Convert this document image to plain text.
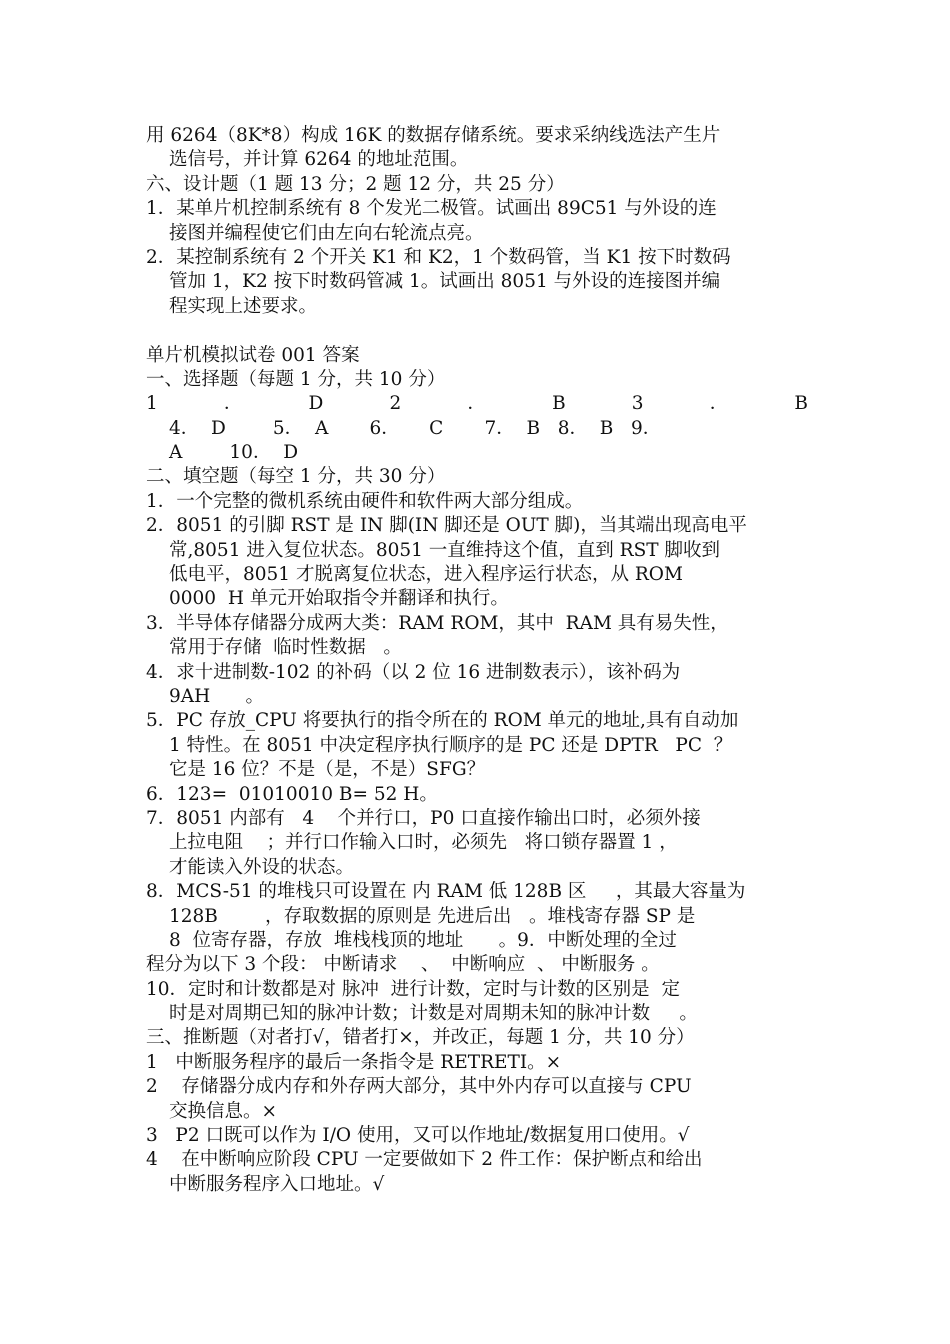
用 6264（8K*8）构成 16K 的数据存储系统。要求采纳线选法产生片
选信号，并计算 6264 的地址范围。
六、设计题（1 题 13 分；2 题 12 分，共 25 分）
1．某单片机控制系统有 8 个发光二极管。试画出 89C51 与外设的连
接图并编程使它们由左向右轮流点亮。
2．某控制系统有 2 个开关 K1 和 K2，1 个数码管，当 K1 按下时数码
管加 1，K2 按下时数码管减 1。试画出 8051 与外设的连接图并编
程实现上述要求。
单片机模拟试卷 001 答案
一、选择题（每题 1 分，共 10 分）
1	．	D	2	．	B	3	．	B
4．  D        5．  A       6．     C       7．  B   8．  B   9．
A        10．  D
二、填空题（每空 1 分，共 30 分）
1．一个完整的微机系统由硬件和软件两大部分组成。
2．8051 的引脚 RST 是 IN 脚(IN 脚还是 OUT 脚)，当其端出现高电平
常,8051 进入复位状态。8051 一直维持这个值，直到 RST 脚收到
低电平，8051 才脱离复位状态，进入程序运行状态，从 ROM
0000  H 单元开始取指令并翻译和执行。
3．半导体存储器分成两大类：RAM ROM，其中  RAM 具有易失性，
常用于存储  临时性数据   。
4．求十进制数-102 的补码（以 2 位 16 进制数表示），该补码为
9AH      。
5．PC 存放_CPU 将要执行的指令所在的 ROM 单元的地址,具有自动加
1 特性。在 8051 中决定程序执行顺序的是 PC 还是 DPTR   PC  ？
它是 16 位？不是（是，不是）SFG？
6．123=  01010010 B= 52 H。
7．8051 内部有   4    个并行口，P0 口直接作输出口时，必须外接
上拉电阻    ；并行口作输入口时，必须先   将口锁存器置 1 ，
才能读入外设的状态。
8．MCS-51 的堆栈只可设置在 内 RAM 低 128B 区     ，其最大容量为
128B        ，存取数据的原则是 先进后出   。堆栈寄存器 SP 是
8  位寄存器，存放  堆栈栈顶的地址      。9．中断处理的全过
程分为以下 3 个段： 中断请求    、  中断响应  、 中断服务 。
10．定时和计数都是对 脉冲  进行计数，定时与计数的区别是  定
时是对周期已知的脉冲计数；计数是对周期未知的脉冲计数     。
三、推断题（对者打√，错者打×，并改正，每题 1 分，共 10 分）
1   中断服务程序的最后一条指令是 RETRETI。×
2    存储器分成内存和外存两大部分，其中外内存可以直接与 CPU
交换信息。×
3   P2 口既可以作为 I/O 使用，又可以作地址/数据复用口使用。√
4    在中断响应阶段 CPU 一定要做如下 2 件工作：保护断点和给出
中断服务程序入口地址。√
